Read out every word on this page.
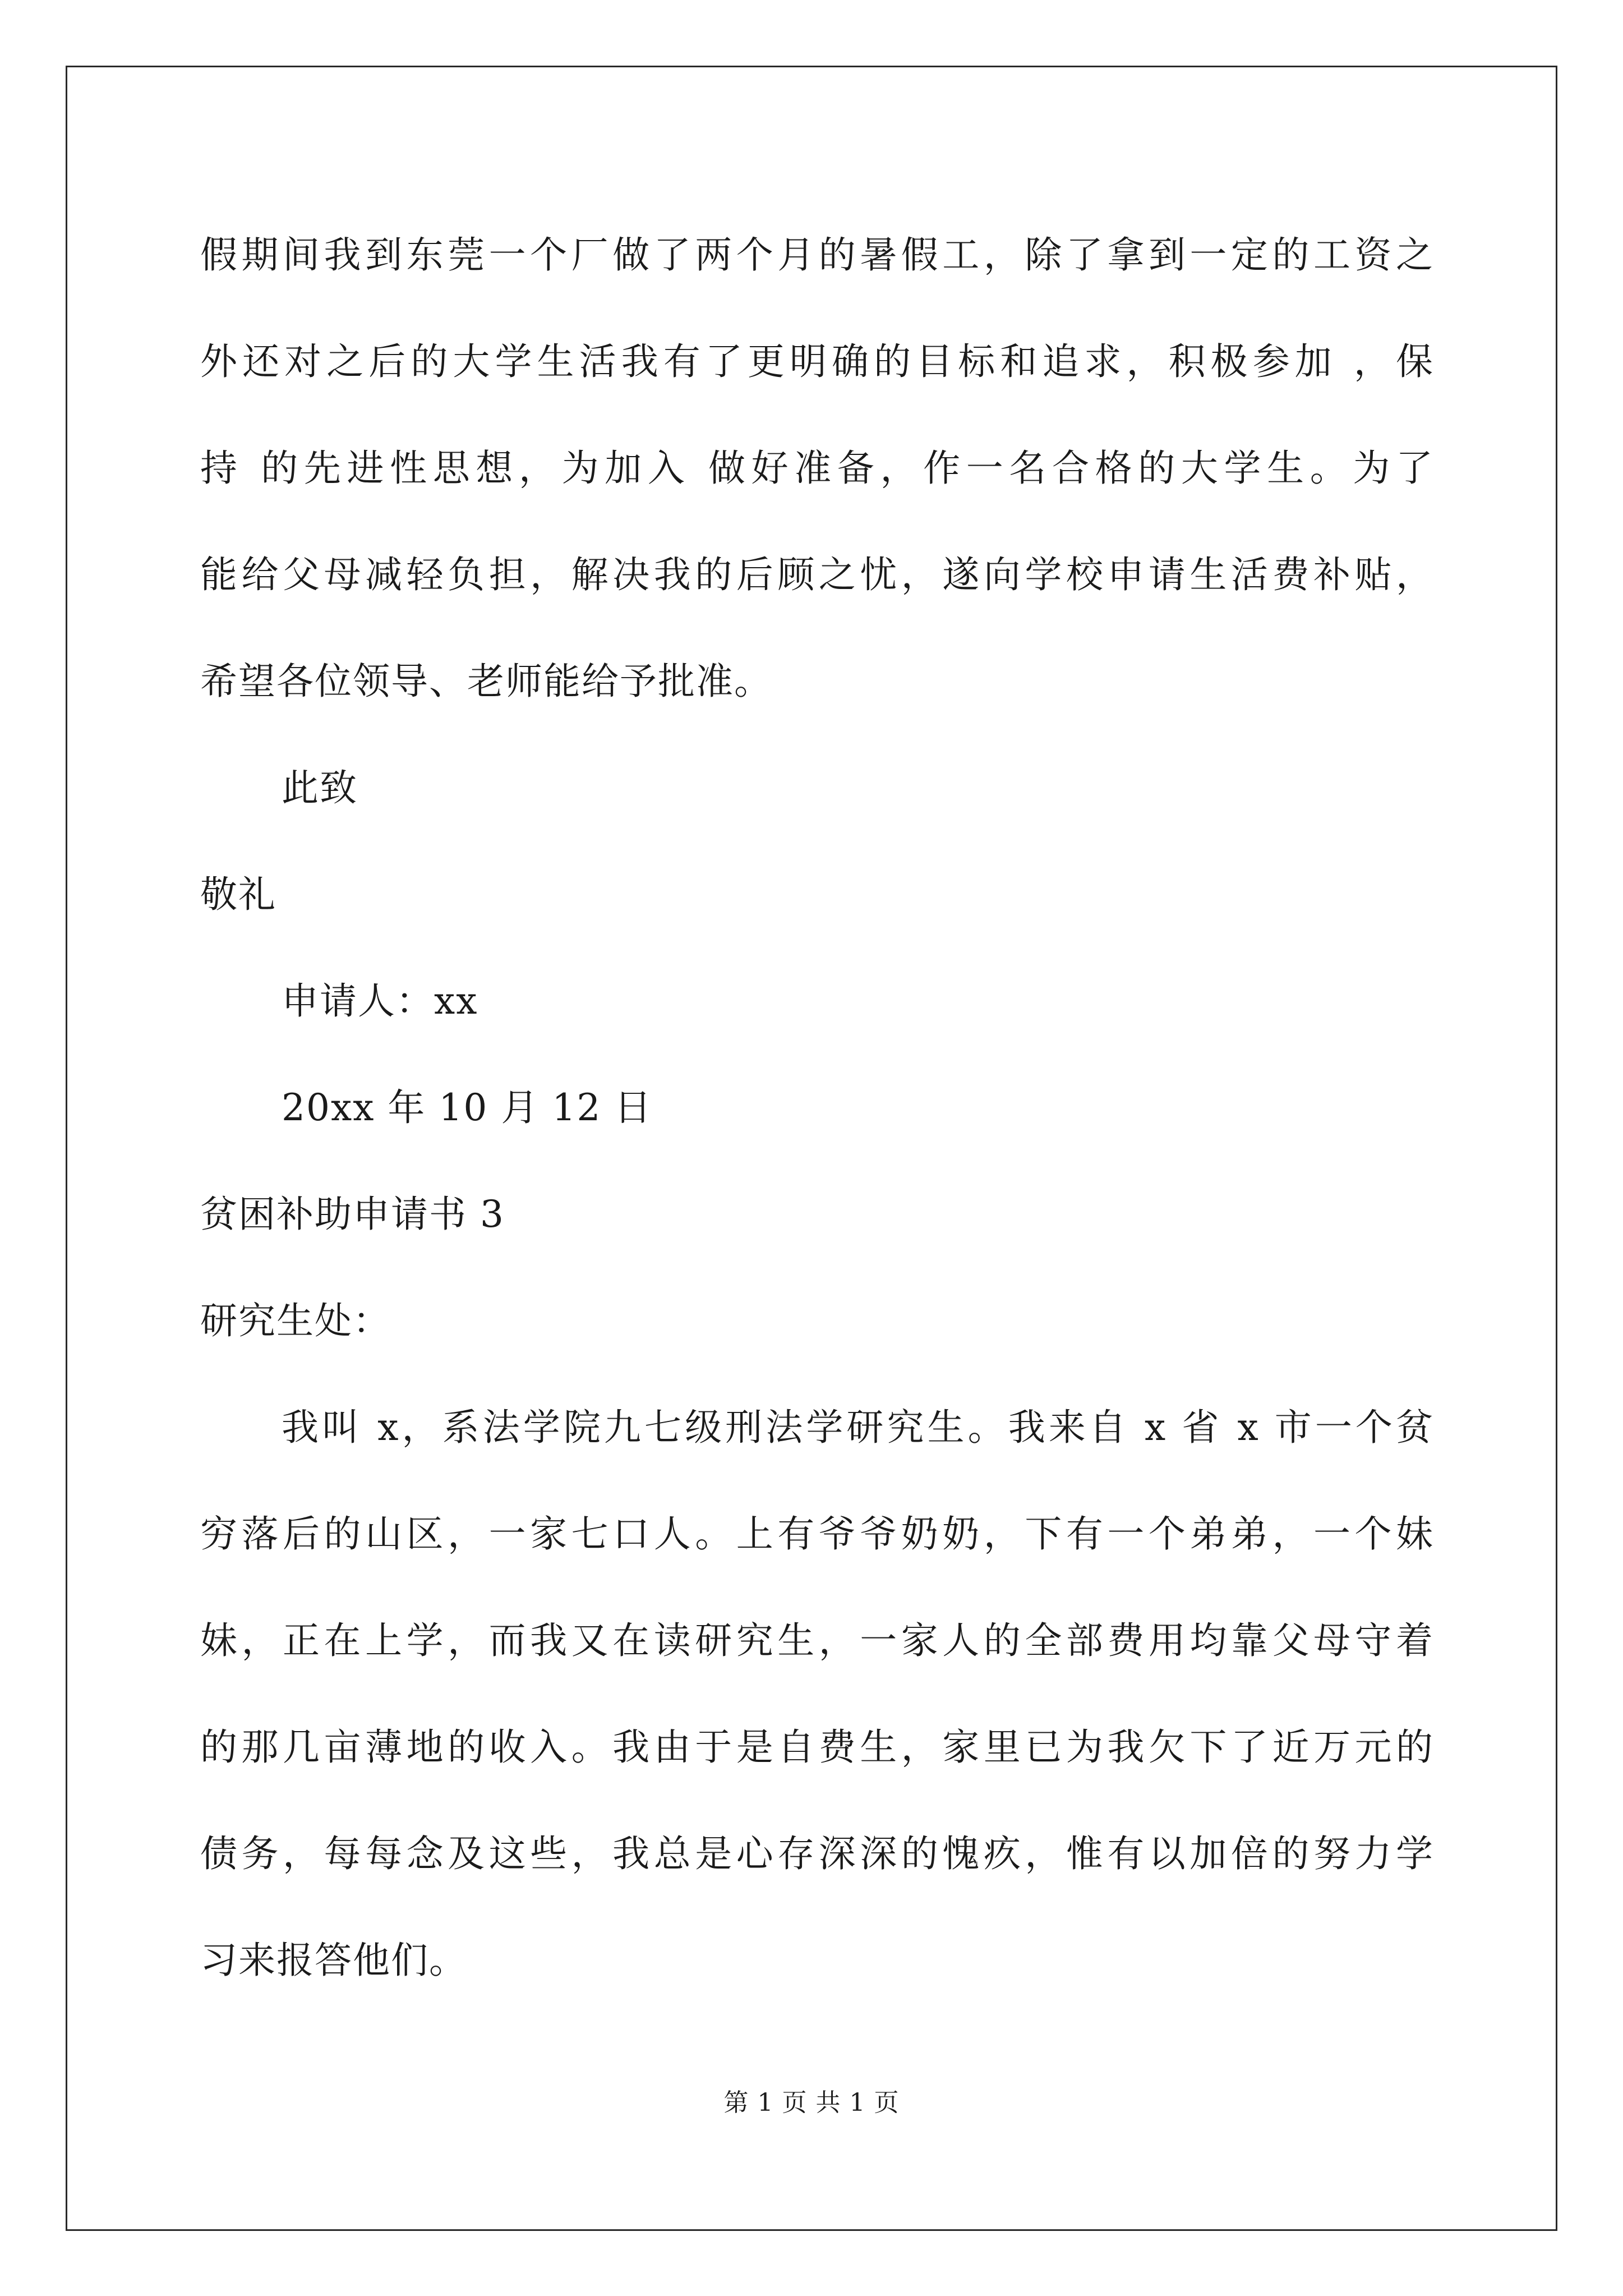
假期间我到东莞一个厂做了两个月的暑假工，除了拿到一定的工资之
外还对之后的大学生活我有了更明确的目标和追求，积极参加 ，保
持 的先进性思想，为加入 做好准备，作一名合格的大学生。为了
能给父母减轻负担，解决我的后顾之忧，遂向学校申请生活费补贴，
希望各位领导、老师能给予批准。
此致
敬礼
申请人：xx
20xx 年 10 月 12 日
贫困补助申请书 3
研究生处：
我叫 x，系法学院九七级刑法学研究生。我来自 x 省 x 市一个贫
穷落后的山区，一家七口人。上有爷爷奶奶，下有一个弟弟，一个妹
妹，正在上学，而我又在读研究生，一家人的全部费用均靠父母守着
的那几亩薄地的收入。我由于是自费生，家里已为我欠下了近万元的
债务，每每念及这些，我总是心存深深的愧疚，惟有以加倍的努力学
习来报答他们。
第 1 页 共 1 页
